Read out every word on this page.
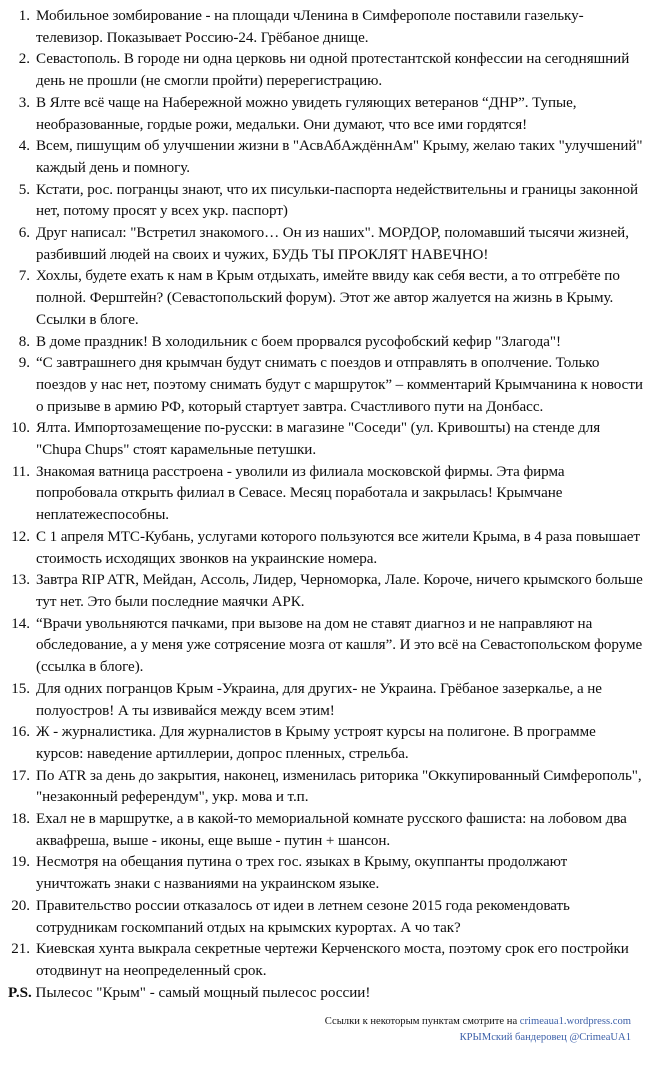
1. Мобильное зомбирование - на площади чЛенина в Симферополе поставили газельку-телевизор. Показывает Россию-24. Грёбаное днище.
2. Севастополь. В городе ни одна церковь ни одной протестантской конфессии на сегодняшний день не прошли (не смогли пройти) перерегистрацию.
3. В Ялте всё чаще на Набережной можно увидеть гуляющих ветеранов “ДНР”. Тупые, необразованные, гордые рожи, медальки. Они думают, что все ими гордятся!
4. Всем, пишущим об улучшении жизни в "АсвАбАждённАм" Крыму, желаю таких "улучшений" каждый день и помногу.
5. Кстати, рос. погранцы знают, что их писульки-паспорта недействительны и границы законной нет, потому просят у всех укр. паспорт)
6. Друг написал: "Встретил знакомого… Он из наших". МОРДОР, поломавший тысячи жизней, разбивший людей на своих и чужих, БУДЬ ТЫ ПРОКЛЯТ НАВЕЧНО!
7. Хохлы, будете ехать к нам в Крым отдыхать, имейте ввиду как себя вести, а то отгребёте по полной. Ферштейн? (Севастопольский форум). Этот же автор жалуется на жизнь в Крыму. Ссылки в блоге.
8. В доме праздник! В холодильник с боем прорвался русофобский кефир "Злагода"!
9. “С завтрашнего дня крымчан будут снимать с поездов и отправлять в ополчение. Только поездов у нас нет, поэтому снимать будут с маршруток” – комментарий Крымчанина к новости о призыве в армию РФ, который стартует завтра. Счастливого пути на Донбасс.
10. Ялта. Импортозамещение по-русски: в магазине "Соседи" (ул. Кривошты) на стенде для "Chupa Chups" стоят карамельные петушки.
11. Знакомая ватница расстроена - уволили из филиала московской фирмы. Эта фирма попробовала открыть филиал в Севасе. Месяц поработала и закрылась! Крымчане неплатежеспособны.
12. С 1 апреля МТС-Кубань, услугами которого пользуются все жители Крыма, в 4 раза повышает стоимость исходящих звонков на украинские номера.
13. Завтра RIP ATR, Мейдан, Ассоль, Лидер, Черноморка, Лале. Короче, ничего крымского больше тут нет. Это были последние маячки АРК.
14. “Врачи увольняются пачками, при вызове на дом не ставят диагноз и не направляют на обследование, а у меня уже сотрясение мозга от кашля”. И это всё на Севастопольском форуме (ссылка в блоге).
15. Для одних погранцов Крым -Украина, для других- не Украина. Грёбаное зазеркалье, а не полуостров! А ты извивайся между всем этим!
16. Ж - журналистика. Для журналистов в Крыму устроят курсы на полигоне. В программе курсов: наведение артиллерии, допрос пленных, стрельба.
17. По ATR за день до закрытия, наконец, изменилась риторика "Оккупированный Симферополь", "незаконный референдум", укр. мова и т.п.
18. Ехал не в маршрутке, а в какой-то мемориальной комнате русского фашиста: на лобовом два аквафреша, выше - иконы, еще выше - путин + шансон.
19. Несмотря на обещания путина о трех гос. языках в Крыму, окуппанты продолжают уничтожать знаки с названиями на украинском языке.
20. Правительство россии отказалось от идеи в летнем сезоне 2015 года рекомендовать сотрудникам госкомпаний отдых на крымских курортах. А чо так?
21. Киевская хунта выкрала секретные чертежи Керченского моста, поэтому срок его постройки отодвинут на неопределенный срок.
P.S. Пылесос "Крым" - самый мощный пылесос россии!
Ссылки к некоторым пунктам смотрите на crimeaua1.wordpress.com
КРЫМский бандеровец @CrimeaUA1
